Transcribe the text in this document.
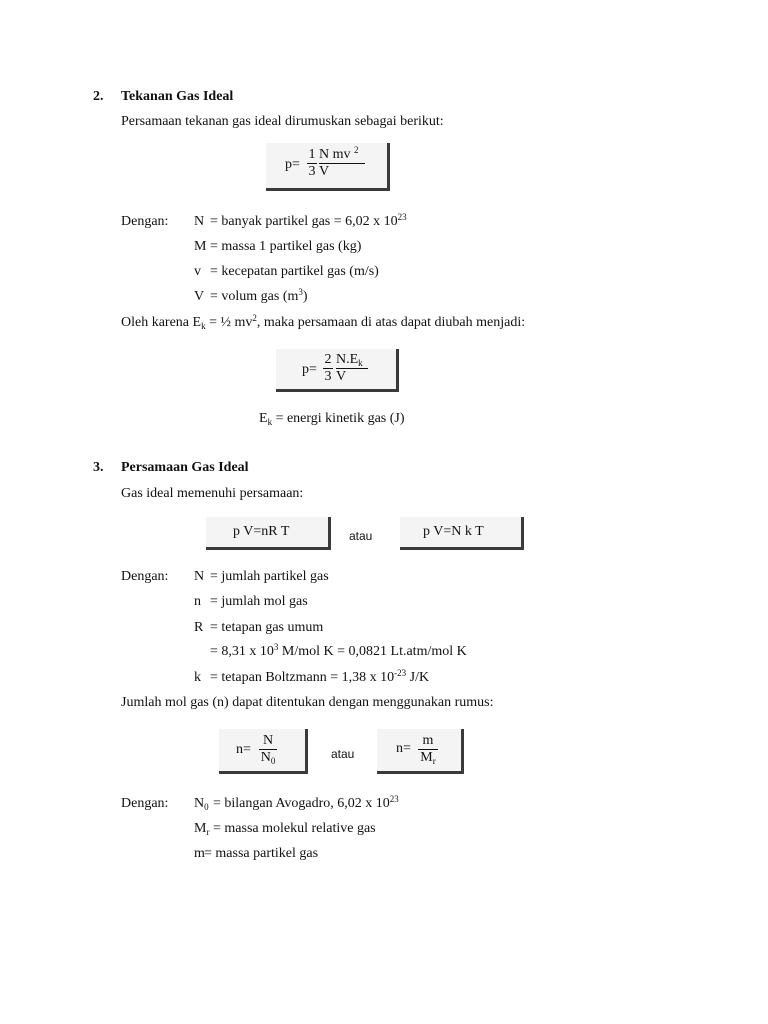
2. Tekanan Gas Ideal
Persamaan tekanan gas ideal dirumuskan sebagai berikut:
p=
1
3
N mv $^2$
V
Dengan: N = banyak partikel gas = 6,02 x $10^{23}$
M = massa 1 partikel gas (kg)
v = kecepatan partikel gas (m/s)
V = volum gas $(m^3)$
Oleh karena $E_k$ = ½ $mv^2$, maka persamaan di atas dapat diubah menjadi:
p=
2
3
$N.E_k$
V
$E_k$ = energi kinetik gas (J)
3. Persamaan Gas Ideal
Gas ideal memenuhi persamaan:
p V=nR T	atau	p V=N k T
Dengan: N = jumlah partikel gas
n = jumlah mol gas
R = tetapan gas umum
= 8,31 x $10^3$ M/mol K = 0,0821 Lt.atm/mol K
k = tetapan Boltzmann = 1,38 x $10^{-23}$ J/K
Jumlah mol gas (n) dapat ditentukan dengan menggunakan rumus:
n=
N
$N_0$	atau	n=
m
$M_r$
Dengan: $N_0$ = bilangan Avogadro, 6,02 x $10^{23}$
$M_r$ = massa molekul relative gas
m = massa partikel gas
